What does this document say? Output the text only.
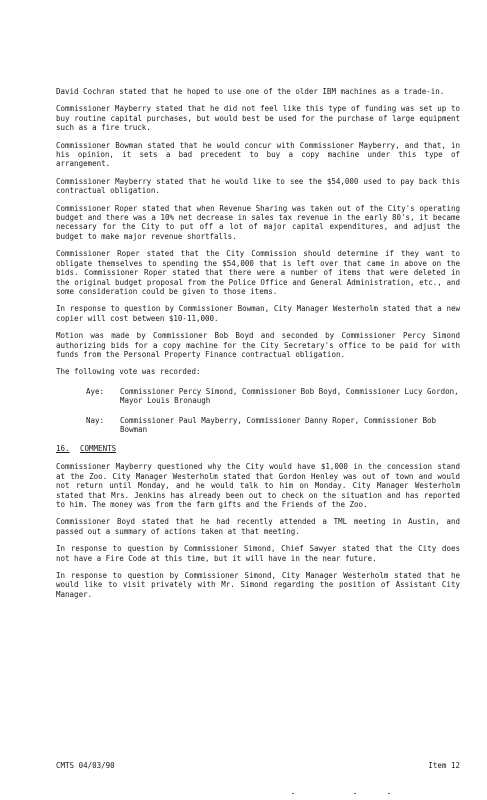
David Cochran stated that he hoped to use one of the older IBM machines as a trade-in.

Commissioner Mayberry stated that he did not feel like this type of funding was set up to buy routine capital purchases, but would best be used for the purchase of large equipment such as a fire truck.

Commissioner Bowman stated that he would concur with Commissioner Mayberry, and that, in his opinion, it sets a bad precedent to buy a copy machine under this type of arrangement.

Commissioner Mayberry stated that he would like to see the $54,000 used to pay back this contractual obligation.

Commissioner Roper stated that when Revenue Sharing was taken out of the City's operating budget and there was a 10% net decrease in sales tax revenue in the early 80's, it became necessary for the City to put off a lot of major capital expenditures, and adjust the budget to make major revenue shortfalls.

Commissioner Roper stated that the City Commission should determine if they want to obligate themselves to spending the $54,000 that is left over that came in above on the bids. Commissioner Roper stated that there were a number of items that were deleted in the original budget proposal from the Police Office and General Administration, etc., and some consideration could be given to those items.

In response to question by Commissioner Bowman, City Manager Westerholm stated that a new copier will cost between $10-11,000.

Motion was made by Commissioner Bob Boyd and seconded by Commissioner Percy Simond authorizing bids for a copy machine for the City Secretary's office to be paid for with funds from the Personal Property Finance contractual obligation.

The following vote was recorded:

Aye:	Commissioner Percy Simond, Commissioner Bob Boyd, Commissioner Lucy Gordon, Mayor Louis Bronaugh
Nay:	Commissioner Paul Mayberry, Commissioner Danny Roper, Commissioner Bob Bowman
16.	COMMENTS

Commissioner Mayberry questioned why the City would have $1,000 in the concession stand at the Zoo. City Manager Westerholm stated that Gordon Henley was out of town and would not return until Monday, and he would talk to him on Monday. City Manager Westerholm stated that Mrs. Jenkins has already been out to check on the situation and has reported to him. The money was from the farm gifts and the Friends of the Zoo.

Commissioner Boyd stated that he had recently attended a TML meeting in Austin, and passed out a summary of actions taken at that meeting.

In response to question by Commissioner Simond, Chief Sawyer stated that the City does not have a Fire Code at this time, but it will have in the near future.

In response to question by Commissioner Simond, City Manager Westerholm stated that he would like to visit privately with Mr. Simond regarding the position of Assistant City Manager.

CMTS 04/03/90	Item 12
